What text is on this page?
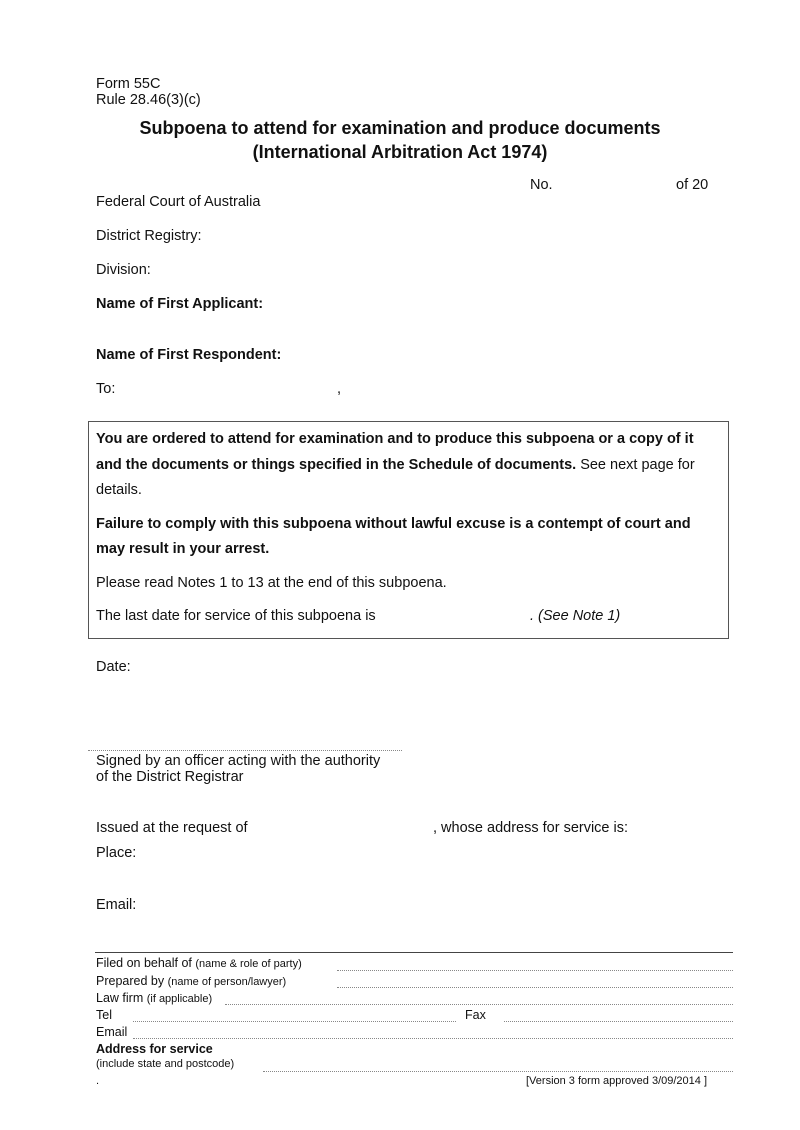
Form 55C
Rule 28.46(3)(c)
Subpoena to attend for examination and produce documents
(International Arbitration Act 1974)
No.	of 20
Federal Court of Australia
District Registry:
Division:
Name of First Applicant:
Name of First Respondent:
To:	,
You are ordered to attend for examination and to produce this subpoena or a copy of it
and the documents or things specified in the Schedule of documents. See next page for
details.
Failure to comply with this subpoena without lawful excuse is a contempt of court and
may result in your arrest.
Please read Notes 1 to 13 at the end of this subpoena.
The last date for service of this subpoena is	. (See Note 1)
Date:
Signed by an officer acting with the authority
of the District Registrar
Issued at the request of	, whose address for service is:
Place:
Email:
Filed on behalf of (name & role of party)
Prepared by (name of person/lawyer)
Law firm (if applicable)
Tel	Fax
Email
Address for service
(include state and postcode)
.	[Version 3 form approved 3/09/2014 ]
